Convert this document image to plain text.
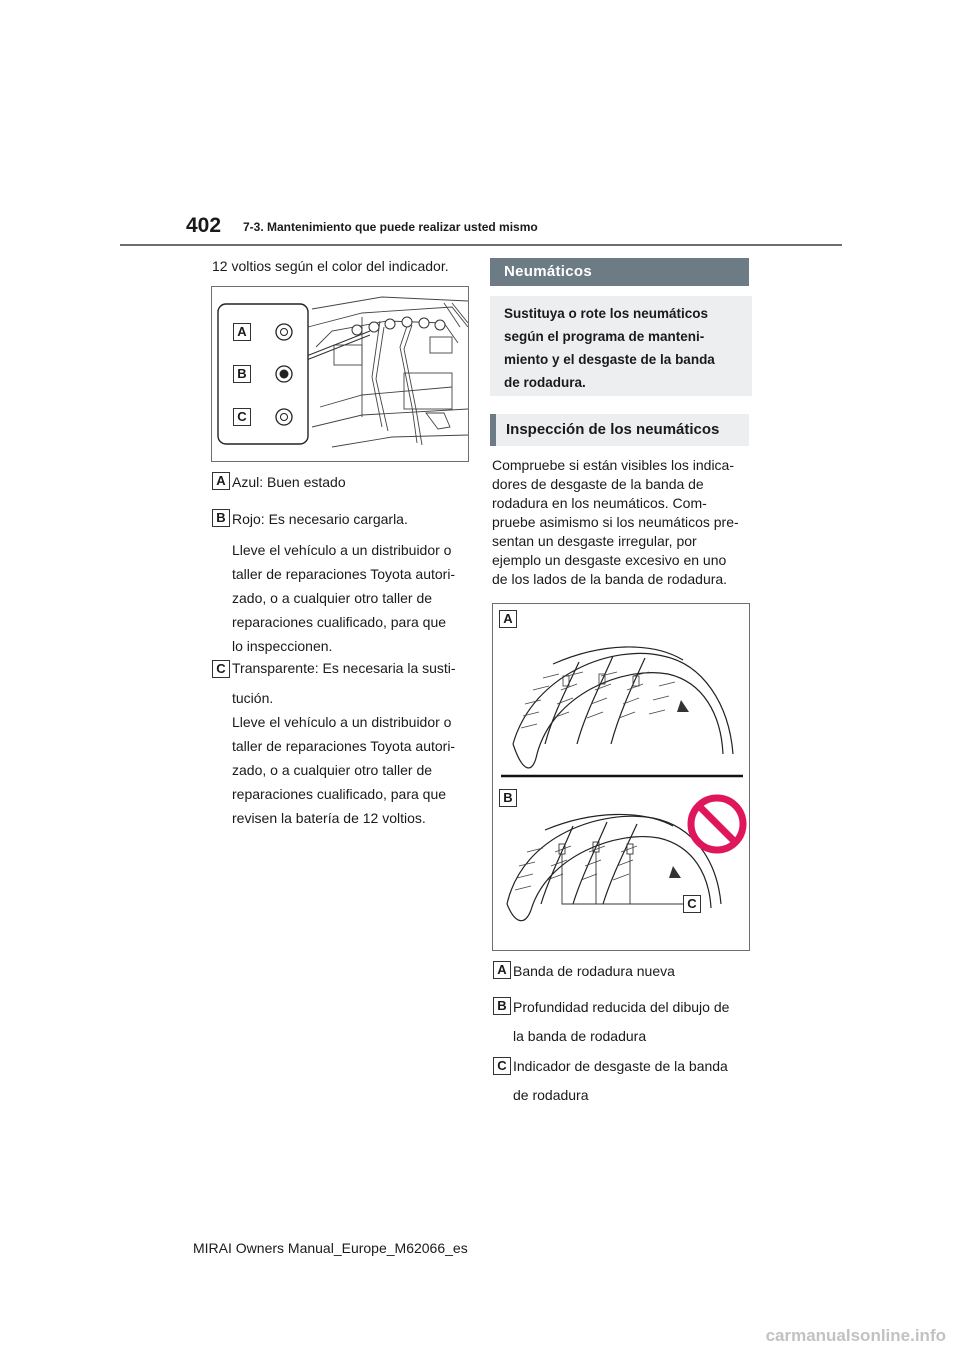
402 7-3. Mantenimiento que puede realizar usted mismo
12 voltios según el color del indicador.
A
B
C
A Azul: Buen estado
B Rojo: Es necesario cargarla.
Lleve el vehículo a un distribuidor o
taller de reparaciones Toyota autori-
zado, o a cualquier otro taller de
reparaciones cualificado, para que
lo inspeccionen.
C Transparente: Es necesaria la susti-
tución.
Lleve el vehículo a un distribuidor o
taller de reparaciones Toyota autori-
zado, o a cualquier otro taller de
reparaciones cualificado, para que
revisen la batería de 12 voltios.
Neumáticos
Sustituya o rote los neumáticos
según el programa de manteni-
miento y el desgaste de la banda
de rodadura.
Inspección de los neumáticos
Compruebe si están visibles los indica-
dores de desgaste de la banda de
rodadura en los neumáticos. Com-
pruebe asimismo si los neumáticos pre-
sentan un desgaste irregular, por
ejemplo un desgaste excesivo en uno
de los lados de la banda de rodadura.
A
B
C
A Banda de rodadura nueva
B Profundidad reducida del dibujo de
la banda de rodadura
C Indicador de desgaste de la banda
de rodadura
MIRAI Owners Manual_Europe_M62066_es
carmanualsonline.info
